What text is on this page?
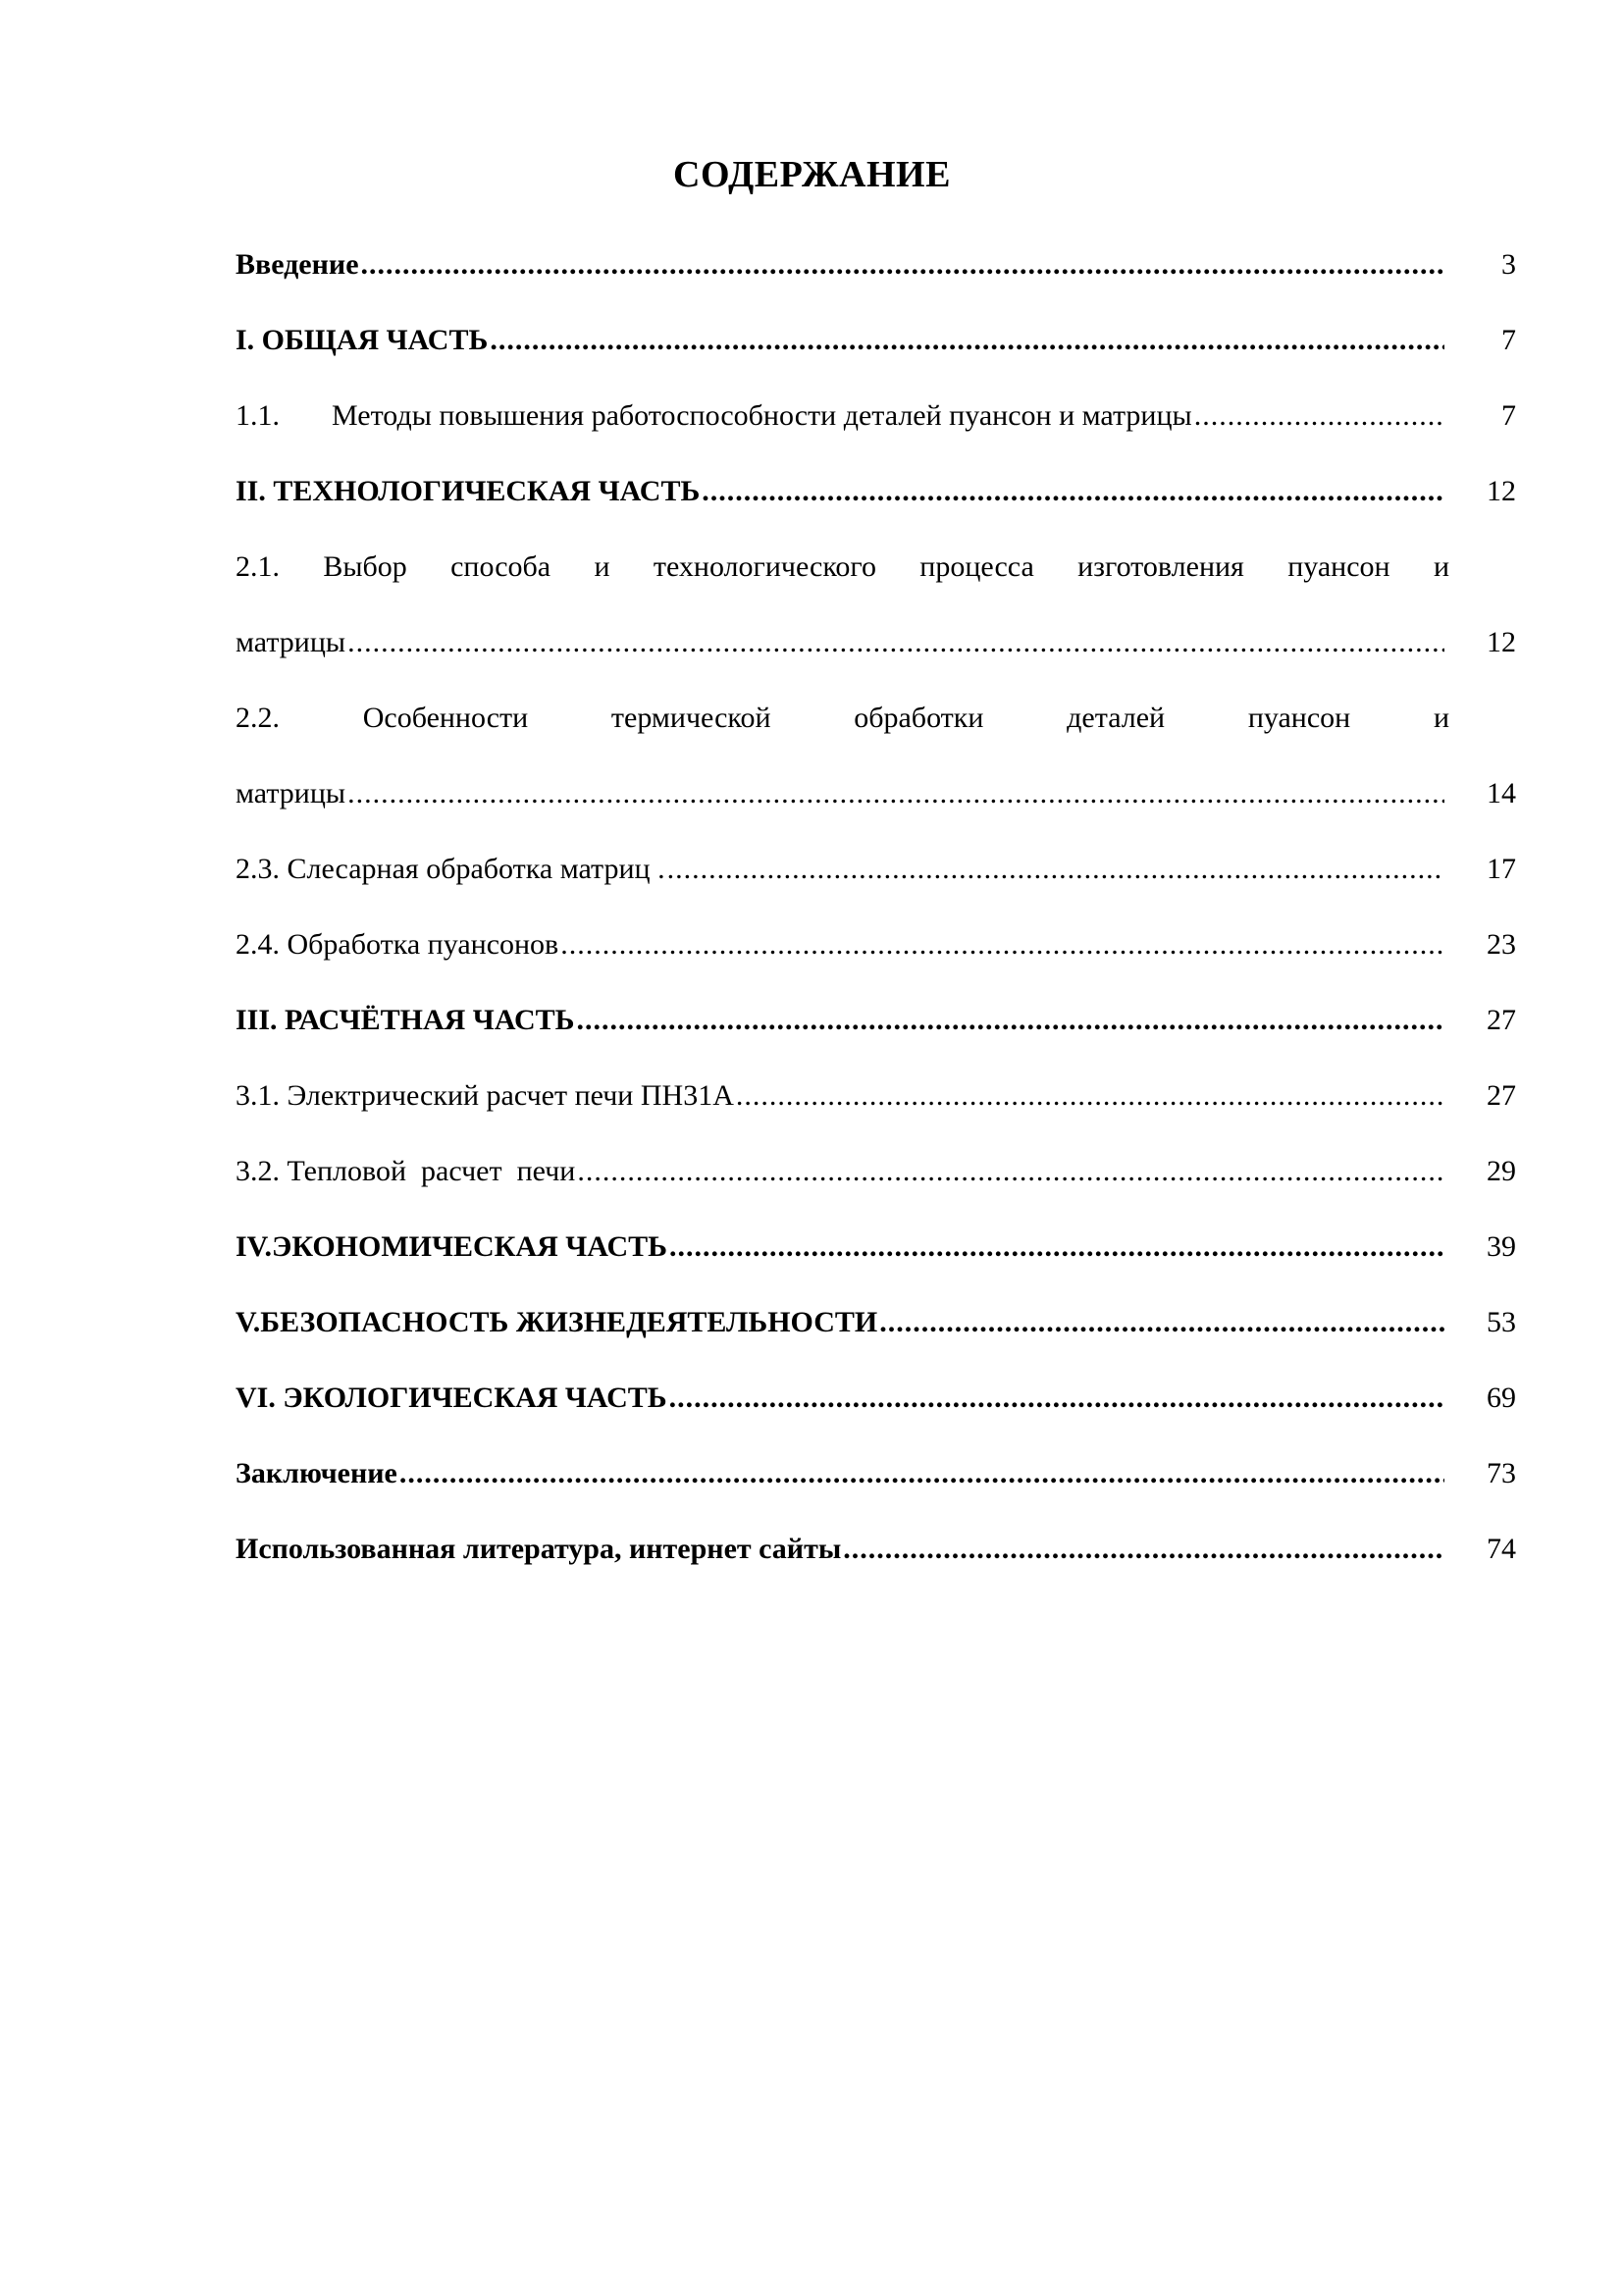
СОДЕРЖАНИЕ
Введение .....	3
I. ОБЩАЯ ЧАСТЬ .....	7
1.1.	Методы повышения работоспособности деталей пуансон и матрицы .....	7
II. ТЕХНОЛОГИЧЕСКАЯ ЧАСТЬ .....	12
2.1. Выбор способа и технологического процесса изготовления пуансон и
матрицы .....	12
2.2. Особенности термической обработки деталей пуансон и
матрицы .....	14
2.3. Слесарная обработка матриц . .....	17
2.4. Обработка пуансонов .....	23
III. РАСЧЁТНАЯ ЧАСТЬ .....	27
3.1. Электрический расчет печи ПН31А .....	27
3.2. Тепловой  расчет  печи .....	29
IV.ЭКОНОМИЧЕСКАЯ ЧАСТЬ .....	39
V.БЕЗОПАСНОСТЬ ЖИЗНЕДЕЯТЕЛЬНОСТИ .....	53
VI. ЭКОЛОГИЧЕСКАЯ ЧАСТЬ .....	69
Заключение .....	73
Использованная литература, интернет сайты .....	74
